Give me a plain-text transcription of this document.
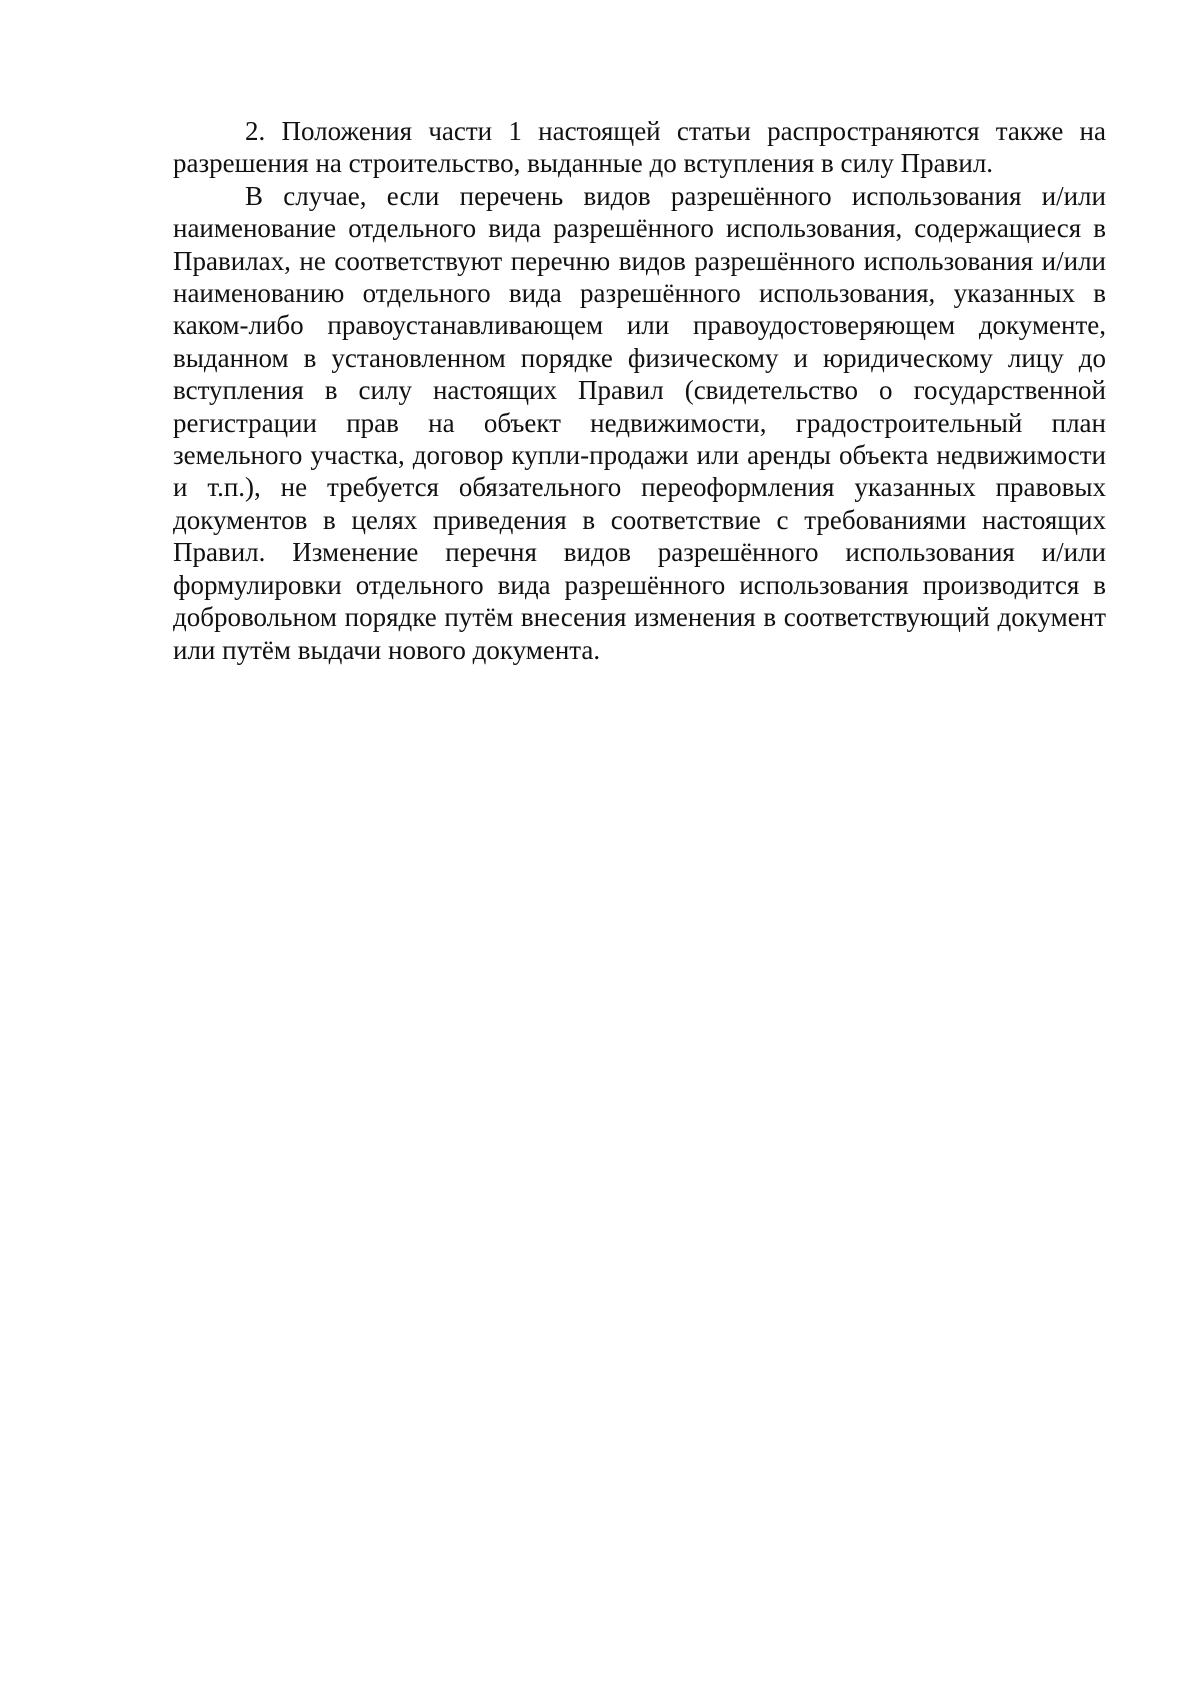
2. Положения части 1 настоящей статьи распространяются также на разрешения на строительство, выданные до вступления в силу Правил.

В случае, если перечень видов разрешённого использования и/или наименование отдельного вида разрешённого использования, содержащиеся в Правилах, не соответствуют перечню видов разрешённого использования и/или наименованию отдельного вида разрешённого использования, указанных в каком-либо правоустанавливающем или правоудостоверяющем документе, выданном в установленном порядке физическому и юридическому лицу до вступления в силу настоящих Правил (свидетельство о государственной регистрации прав на объект недвижимости, градостроительный план земельного участка, договор купли-продажи или аренды объекта недвижимости и т.п.), не требуется обязательного переоформления указанных правовых документов в целях приведения в соответствие с требованиями настоящих Правил. Изменение перечня видов разрешённого использования и/или формулировки отдельного вида разрешённого использования производится в добровольном порядке путём внесения изменения в соответствующий документ или путём выдачи нового документа.
